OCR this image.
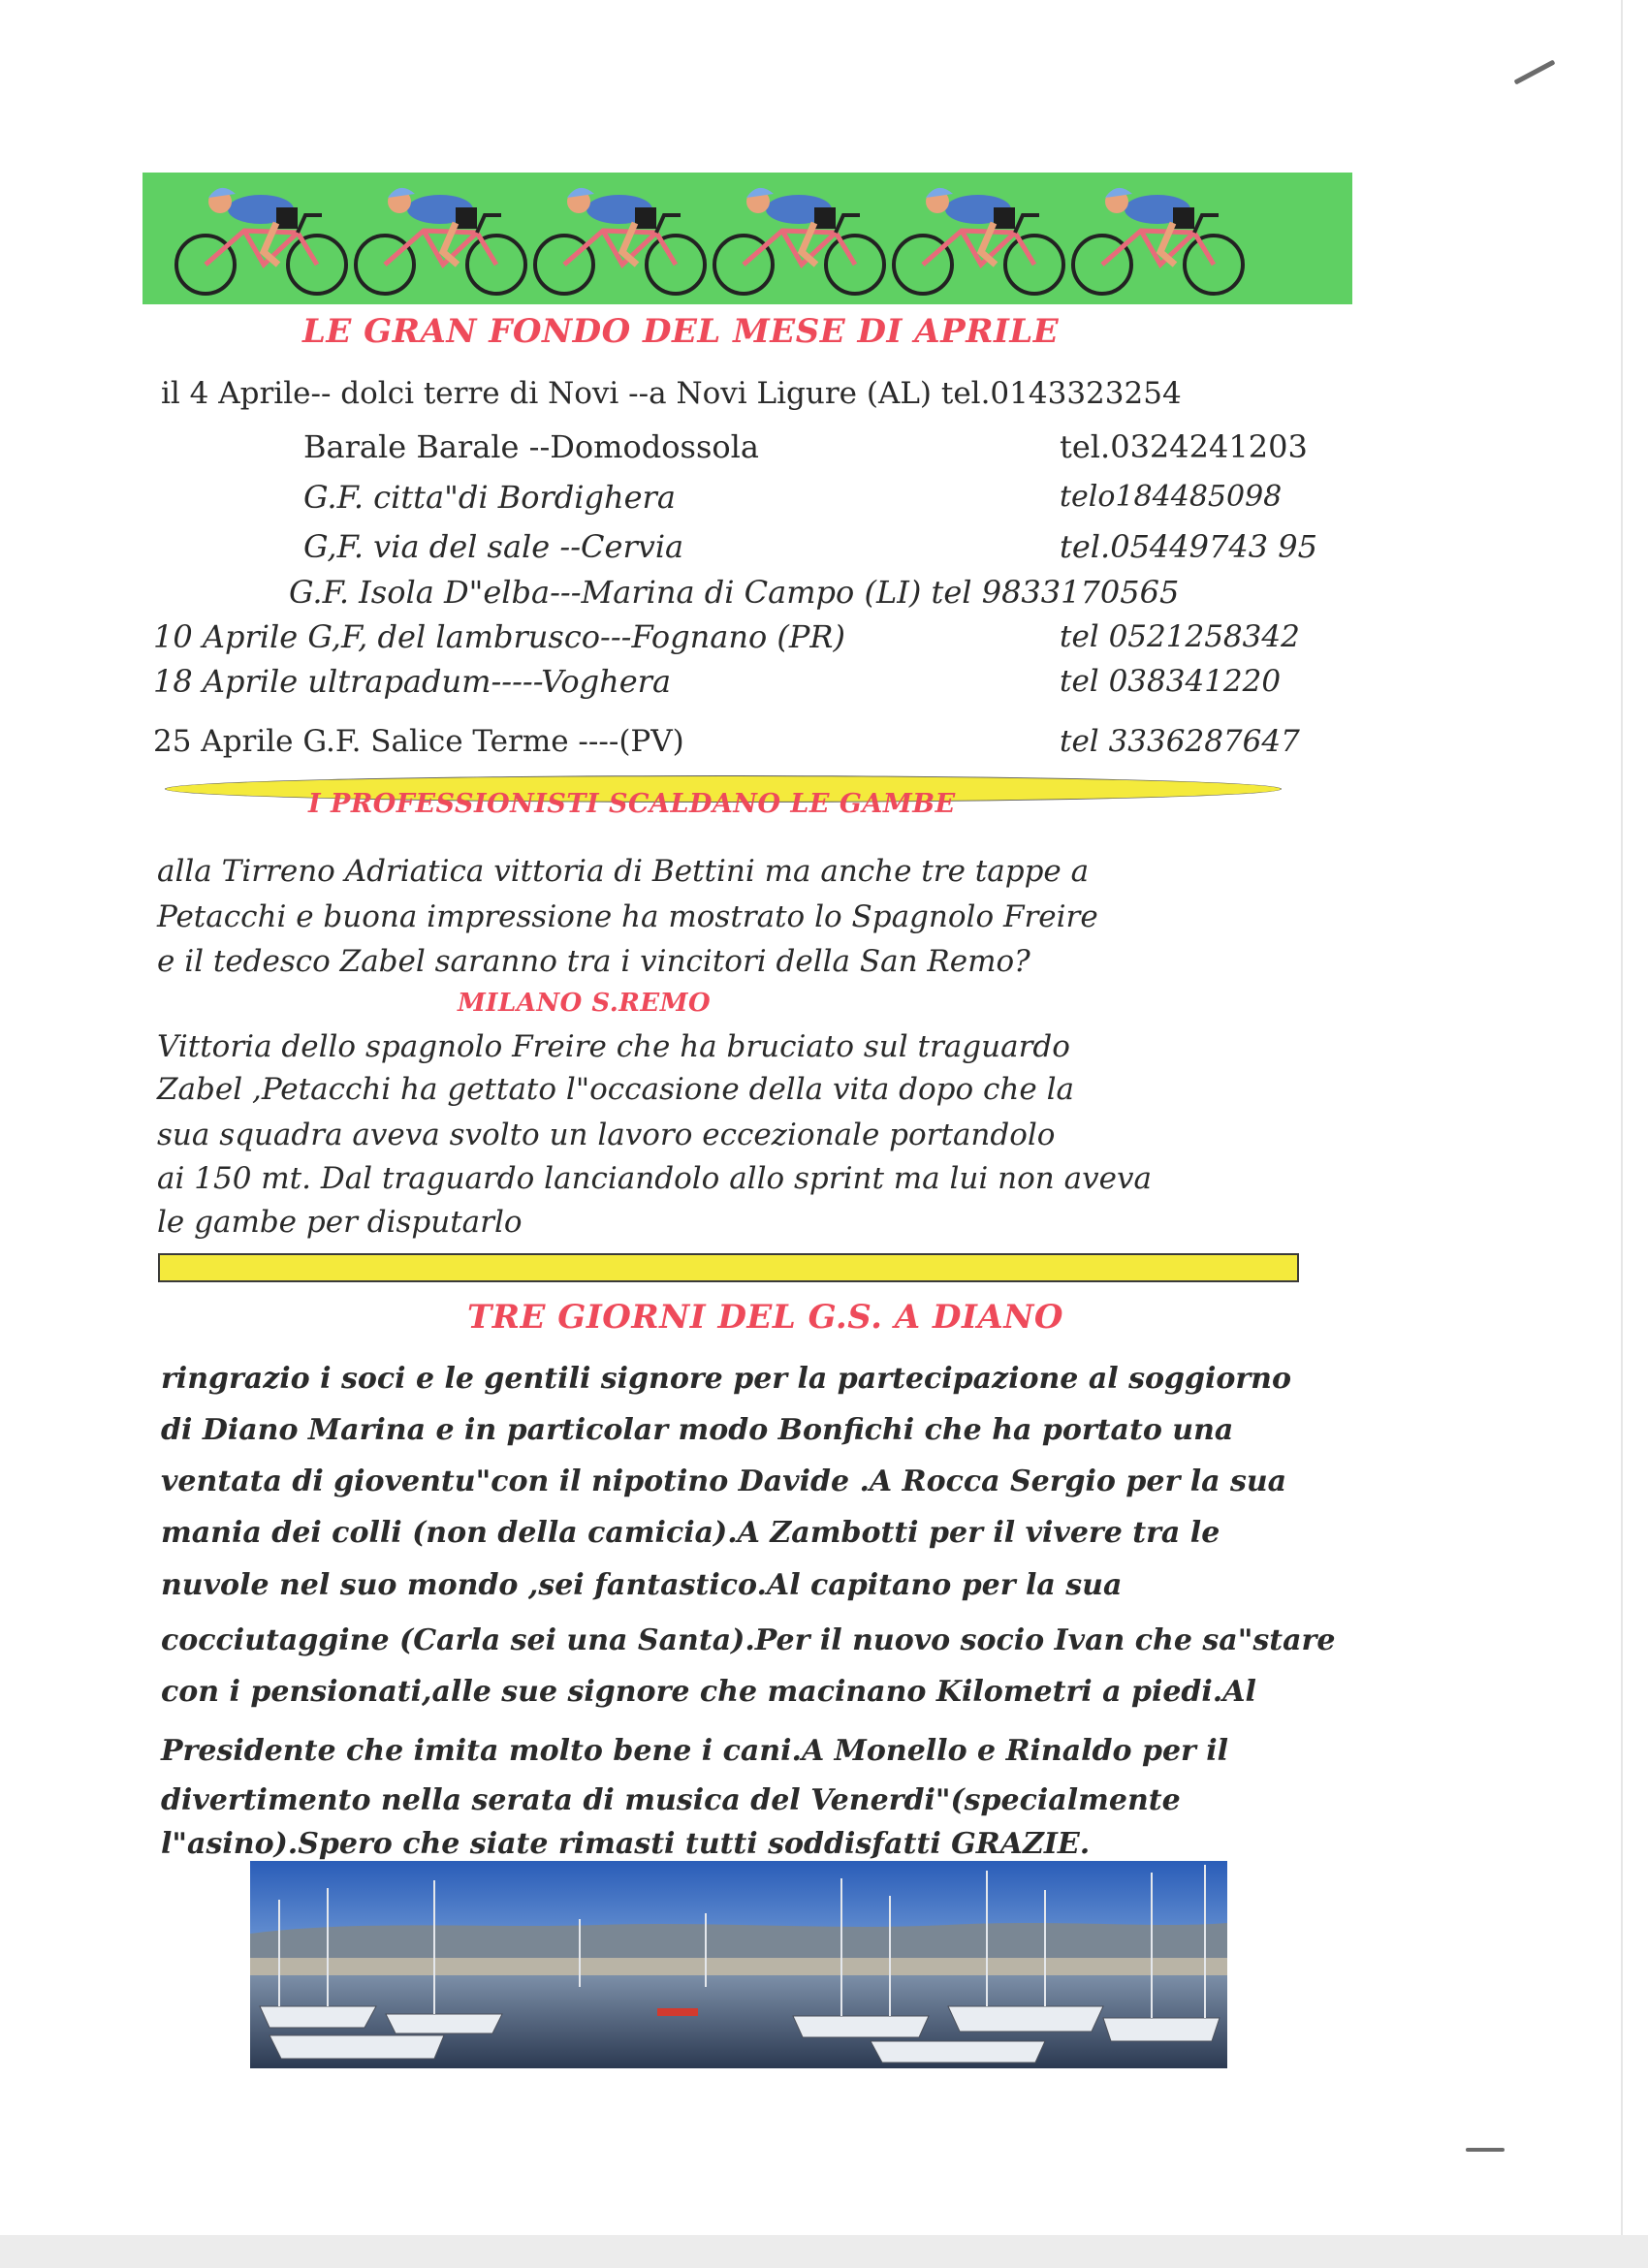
LE GRAN FONDO DEL MESE DI APRILE
il 4 Aprile-- dolci terre di Novi --a Novi Ligure (AL) tel.0143323254
Barale Barale --Domodossola	tel.0324241203
G.F. citta"di Bordighera	telo184485098
G,F. via del sale --Cervia	tel.05449743 95
G.F. Isola D"elba---Marina di Campo (LI) tel 9833170565
10 Aprile G,F, del lambrusco---Fognano (PR)	tel 0521258342
18 Aprile ultrapadum-----Voghera	tel 038341220
25 Aprile G.F. Salice Terme ----(PV)	tel 3336287647
I PROFESSIONISTI SCALDANO LE GAMBE
alla Tirreno Adriatica vittoria di Bettini ma anche tre tappe a
Petacchi e buona impressione ha mostrato lo Spagnolo Freire
e il tedesco Zabel saranno tra i vincitori della San Remo?
MILANO S.REMO
Vittoria dello spagnolo Freire che ha bruciato sul traguardo
Zabel ,Petacchi ha gettato l"occasione della vita dopo che la
sua squadra aveva svolto un lavoro eccezionale portandolo
ai 150 mt. Dal traguardo lanciandolo allo sprint ma lui non aveva
le gambe per disputarlo
TRE GIORNI DEL G.S. A DIANO
ringrazio i soci e le gentili signore per la partecipazione al soggiorno
di Diano Marina e in particolar modo Bonfichi che ha portato una
ventata di gioventu"con il nipotino Davide .A Rocca Sergio per la sua
mania dei colli (non della camicia).A Zambotti per il vivere tra le
nuvole nel suo mondo ,sei fantastico.Al capitano per la sua
cocciutaggine (Carla sei una Santa).Per il nuovo socio Ivan che sa"stare
con i pensionati,alle sue signore che macinano Kilometri a piedi.Al
Presidente che imita molto bene i cani.A Monello e Rinaldo per il
divertimento nella serata di musica del Venerdi"(specialmente
l"asino).Spero che siate rimasti tutti soddisfatti GRAZIE.
